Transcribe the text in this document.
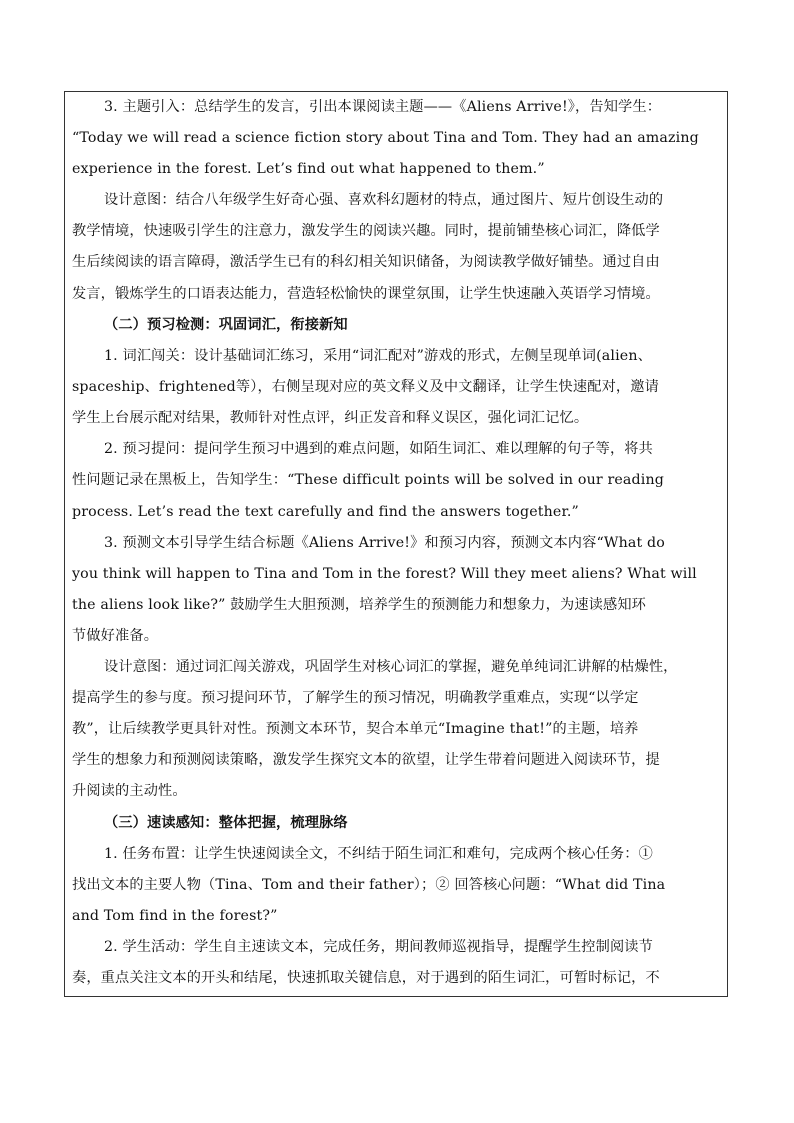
3. 主题引入：总结学生的发言，引出本课阅读主题——《Aliens Arrive!》，告知学生：
“Today we will read a science fiction story about Tina and Tom. They had an amazing
experience in the forest. Let’s find out what happened to them.”
设计意图：结合八年级学生好奇心强、喜欢科幻题材的特点，通过图片、短片创设生动的
教学情境，快速吸引学生的注意力，激发学生的阅读兴趣。同时，提前铺垫核心词汇，降低学
生后续阅读的语言障碍，激活学生已有的科幻相关知识储备，为阅读教学做好铺垫。通过自由
发言，锻炼学生的口语表达能力，营造轻松愉快的课堂氛围，让学生快速融入英语学习情境。
（二）预习检测：巩固词汇，衔接新知
1. 词汇闯关：设计基础词汇练习，采用“词汇配对”游戏的形式，左侧呈现单词(alien、
spaceship、frightened等），右侧呈现对应的英文释义及中文翻译，让学生快速配对，邀请
学生上台展示配对结果，教师针对性点评，纠正发音和释义误区，强化词汇记忆。
2. 预习提问：提问学生预习中遇到的难点问题，如陌生词汇、难以理解的句子等，将共
性问题记录在黑板上，告知学生：“These difficult points will be solved in our reading
process. Let’s read the text carefully and find the answers together.”
3. 预测文本引导学生结合标题《Aliens Arrive!》和预习内容，预测文本内容“What do
you think will happen to Tina and Tom in the forest? Will they meet aliens? What will
the aliens look like?” 鼓励学生大胆预测，培养学生的预测能力和想象力，为速读感知环
节做好准备。
设计意图：通过词汇闯关游戏，巩固学生对核心词汇的掌握，避免单纯词汇讲解的枯燥性，
提高学生的参与度。预习提问环节，了解学生的预习情况，明确教学重难点，实现“以学定
教”，让后续教学更具针对性。预测文本环节，契合本单元“Imagine that!”的主题，培养
学生的想象力和预测阅读策略，激发学生探究文本的欲望，让学生带着问题进入阅读环节，提
升阅读的主动性。
（三）速读感知：整体把握，梳理脉络
1. 任务布置：让学生快速阅读全文，不纠结于陌生词汇和难句，完成两个核心任务：①
找出文本的主要人物（Tina、Tom and their father）；② 回答核心问题：“What did Tina
and Tom find in the forest?”
2. 学生活动：学生自主速读文本，完成任务，期间教师巡视指导，提醒学生控制阅读节
奏，重点关注文本的开头和结尾，快速抓取关键信息，对于遇到的陌生词汇，可暂时标记，不
